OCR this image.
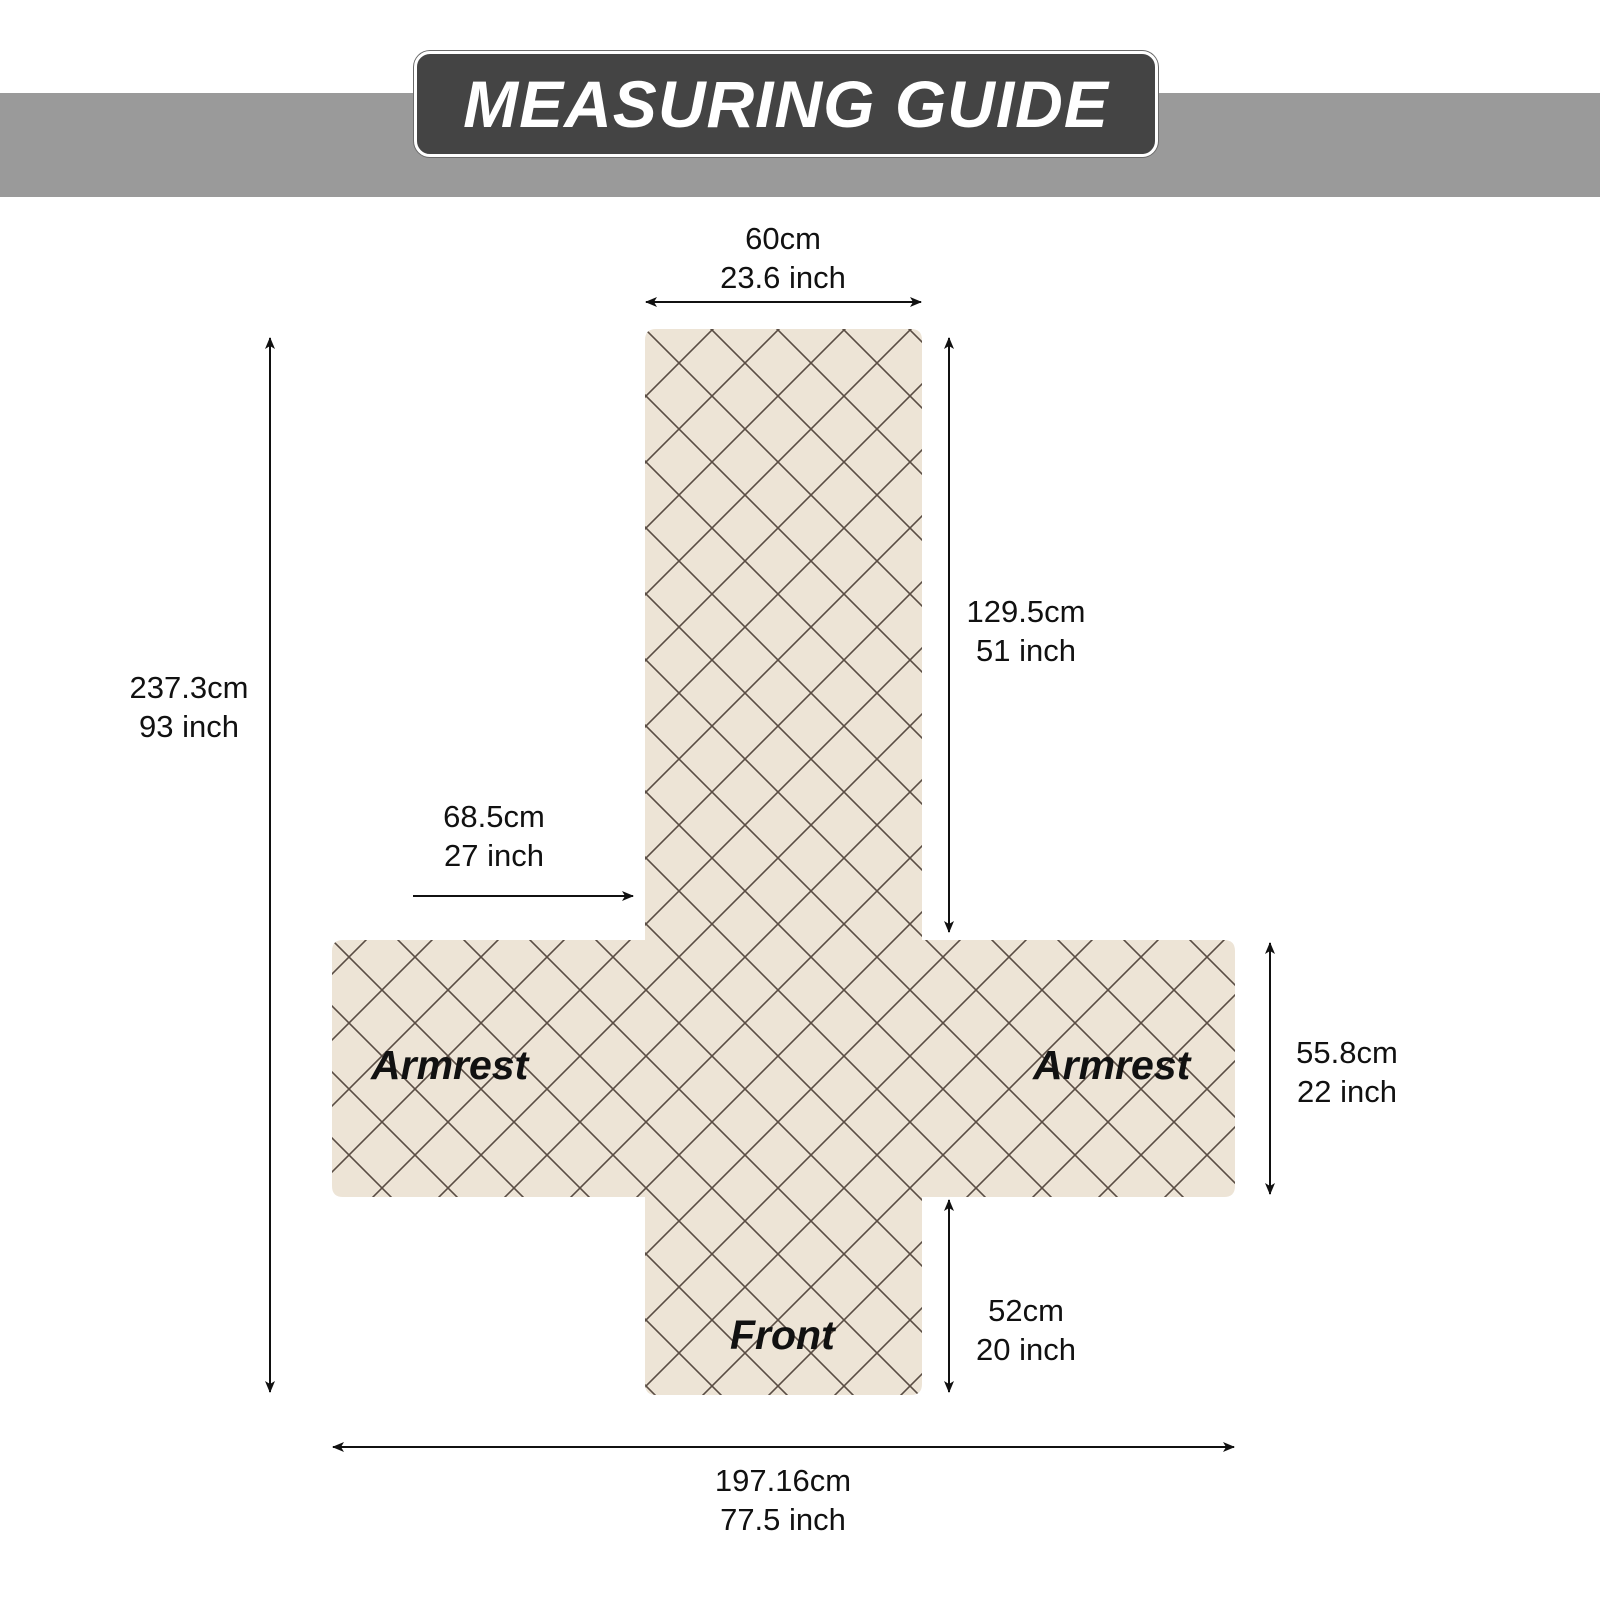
MEASURING GUIDE
60cm
23.6 inch
129.5cm
51 inch
237.3cm
93 inch
68.5cm
27 inch
55.8cm
22 inch
52cm
20 inch
197.16cm
77.5 inch
Armrest	Armrest
Front
